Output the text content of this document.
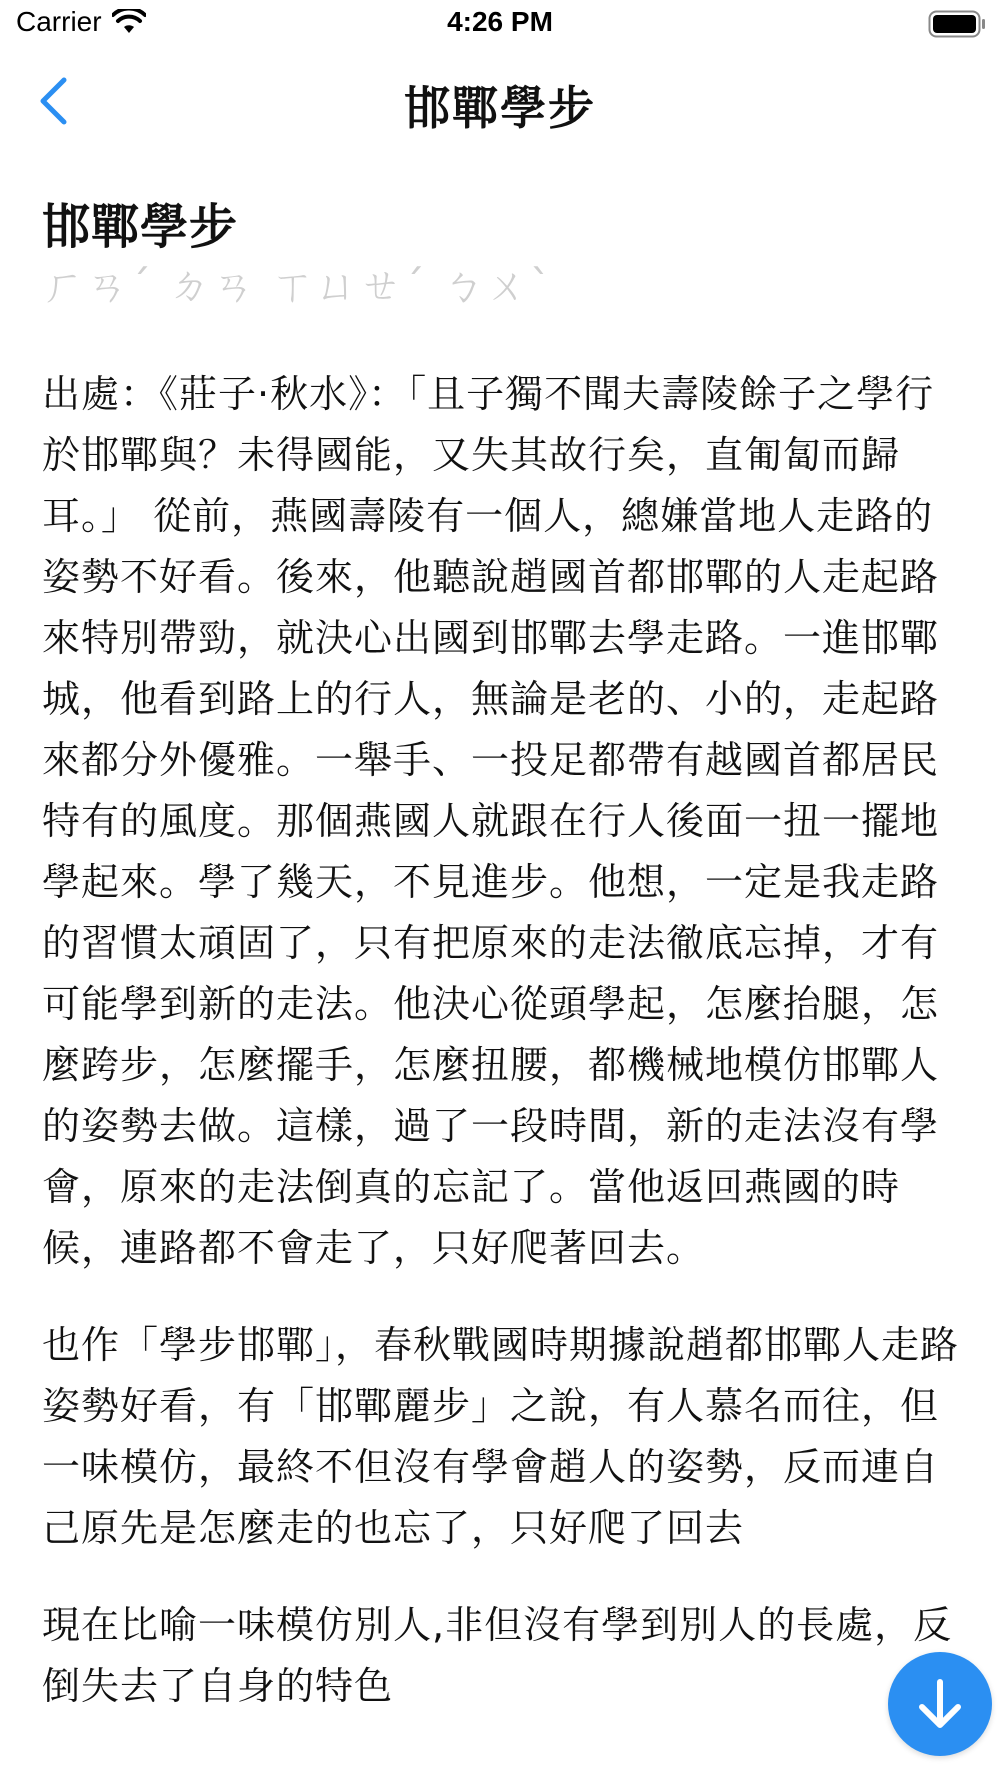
Carrier	4:26 PM
邯鄲學步
邯鄲學步
ㄏㄢˊ ㄉㄢ ㄒㄩㄝˊ ㄅㄨˋ

出處：《莊子·秋水》：「且子獨不聞夫壽陵餘子之學行於邯鄲與？未得國能，又失其故行矣，直匍匐而歸耳。」 從前，燕國壽陵有一個人，總嫌當地人走路的姿勢不好看。後來，他聽說趙國首都邯鄲的人走起路來特別帶勁，就決心出國到邯鄲去學走路。一進邯鄲城，他看到路上的行人，無論是老的、小的，走起路來都分外優雅。一舉手、一投足都帶有越國首都居民特有的風度。那個燕國人就跟在行人後面一扭一擺地學起來。學了幾天，不見進步。他想，一定是我走路的習慣太頑固了，只有把原來的走法徹底忘掉，才有可能學到新的走法。他決心從頭學起，怎麼抬腿，怎麼跨步，怎麼擺手，怎麼扭腰，都機械地模仿邯鄲人的姿勢去做。這樣，過了一段時間，新的走法沒有學會，原來的走法倒真的忘記了。當他返回燕國的時候，連路都不會走了，只好爬著回去。

也作「學步邯鄲」，春秋戰國時期據說趙都邯鄲人走路姿勢好看，有「邯鄲麗步」之說，有人慕名而往，但一味模仿，最終不但沒有學會趙人的姿勢，反而連自己原先是怎麼走的也忘了，只好爬了回去

現在比喻一味模仿別人,非但沒有學到別人的長處，反倒失去了自身的特色
